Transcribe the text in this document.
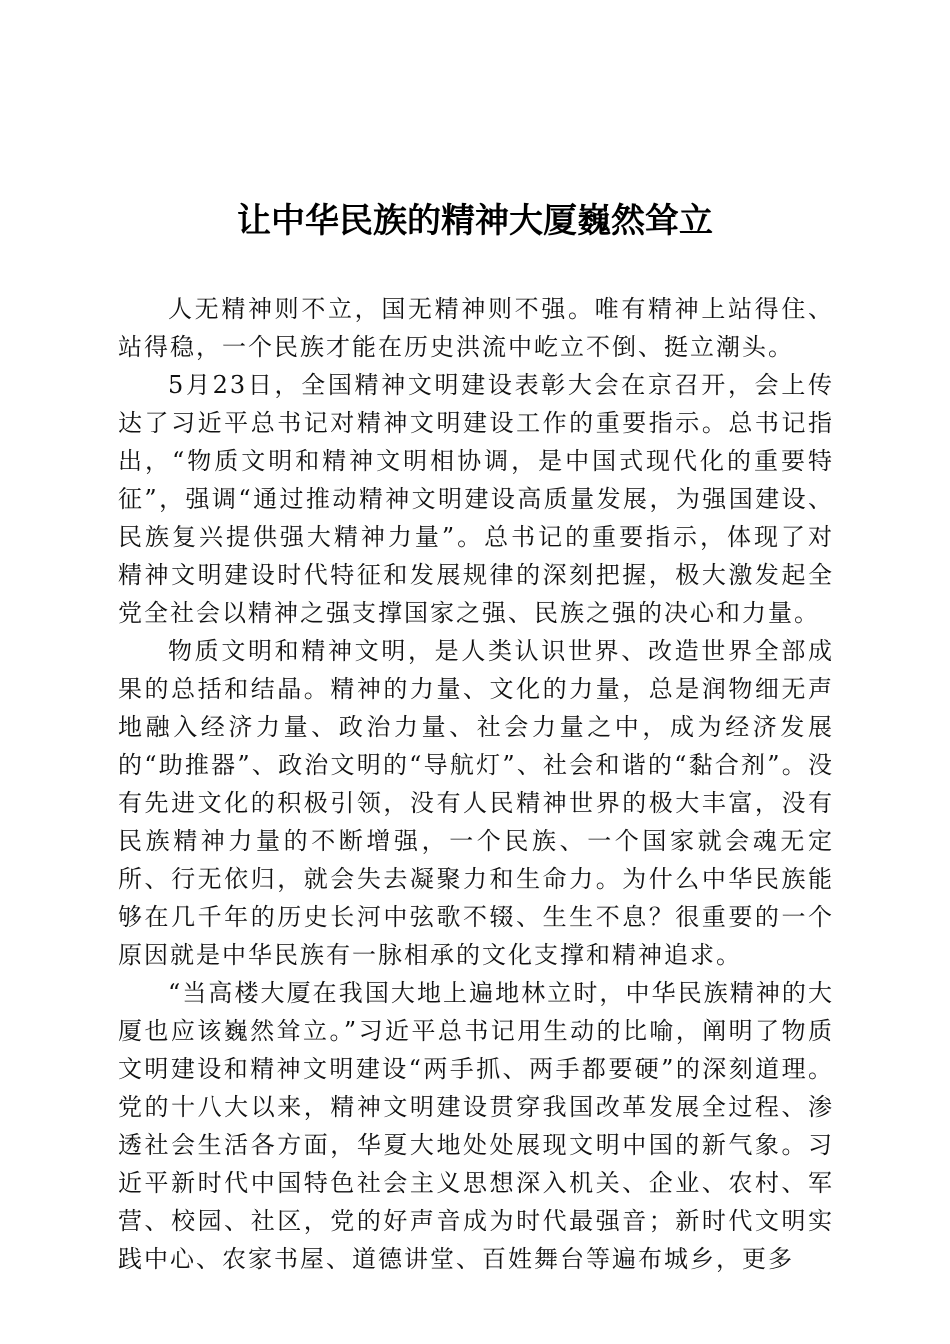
让中华民族的精神大厦巍然耸立

人无精神则不立，国无精神则不强。唯有精神上站得住、站得稳，一个民族才能在历史洪流中屹立不倒、挺立潮头。

5月23日，全国精神文明建设表彰大会在京召开，会上传达了习近平总书记对精神文明建设工作的重要指示。总书记指出，“物质文明和精神文明相协调，是中国式现代化的重要特征”，强调“通过推动精神文明建设高质量发展，为强国建设、民族复兴提供强大精神力量”。总书记的重要指示，体现了对精神文明建设时代特征和发展规律的深刻把握，极大激发起全党全社会以精神之强支撑国家之强、民族之强的决心和力量。

物质文明和精神文明，是人类认识世界、改造世界全部成果的总括和结晶。精神的力量、文化的力量，总是润物细无声地融入经济力量、政治力量、社会力量之中，成为经济发展的“助推器”、政治文明的“导航灯”、社会和谐的“黏合剂”。没有先进文化的积极引领，没有人民精神世界的极大丰富，没有民族精神力量的不断增强，一个民族、一个国家就会魂无定所、行无依归，就会失去凝聚力和生命力。为什么中华民族能够在几千年的历史长河中弦歌不辍、生生不息？很重要的一个原因就是中华民族有一脉相承的文化支撑和精神追求。

“当高楼大厦在我国大地上遍地林立时，中华民族精神的大厦也应该巍然耸立。”习近平总书记用生动的比喻，阐明了物质文明建设和精神文明建设“两手抓、两手都要硬”的深刻道理。党的十八大以来，精神文明建设贯穿我国改革发展全过程、渗透社会生活各方面，华夏大地处处展现文明中国的新气象。习近平新时代中国特色社会主义思想深入机关、企业、农村、军营、校园、社区，党的好声音成为时代最强音；新时代文明实践中心、农家书屋、道德讲堂、百姓舞台等遍布城乡，更多
